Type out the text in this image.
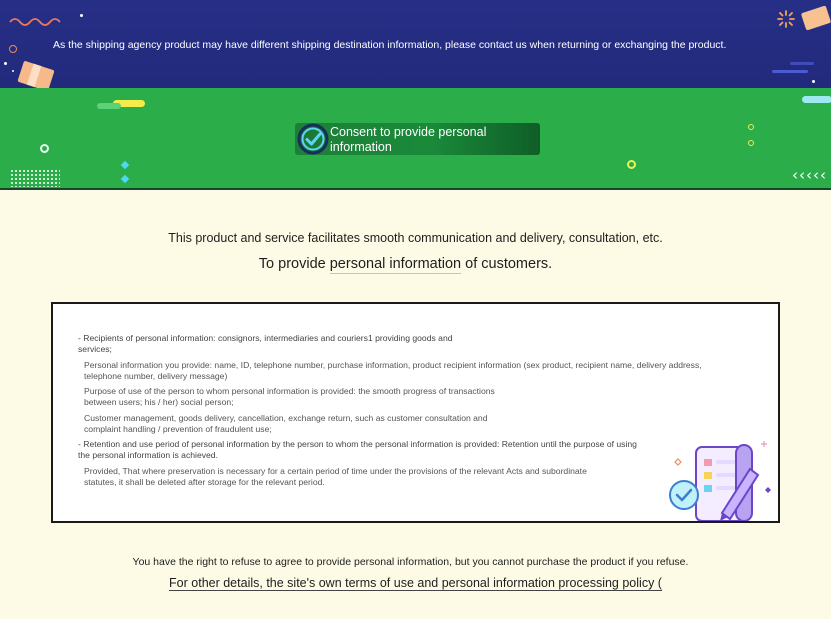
As the shipping agency product may have different shipping destination information, please contact us when returning or exchanging the product.
‹‹‹‹‹
Consent to provide personal information
This product and service facilitates smooth communication and delivery, consultation, etc.
To provide personal information of customers.

- Recipients of personal information: consignors, intermediaries and couriers1 providing goods and services;

Personal information you provide: name, ID, telephone number, purchase information, product recipient information (sex product, recipient name, delivery address, telephone number, delivery message)

Purpose of use of the person to whom personal information is provided: the smooth progress of transactions between users; his / her) social person;

Customer management, goods delivery, cancellation, exchange return, such as customer consultation and complaint handling / prevention of fraudulent use;

- Retention and use period of personal information by the person to whom the personal information is provided: Retention until the purpose of using the personal information is achieved.

Provided, That where preservation is necessary for a certain period of time under the provisions of the relevant Acts and subordinate statutes, it shall be deleted after storage for the relevant period.

You have the right to refuse to agree to provide personal information, but you cannot purchase the product if you refuse.
For other details, the site's own terms of use and personal information processing policy (
